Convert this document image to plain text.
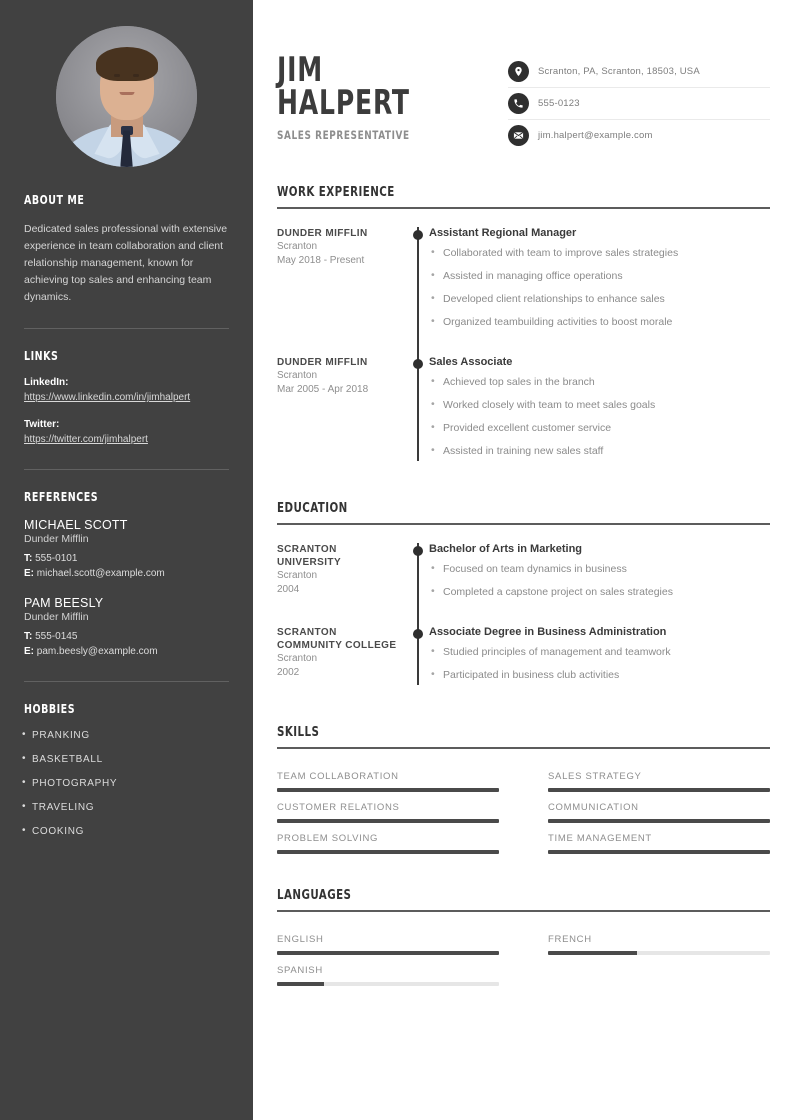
ABOUT ME
Dedicated sales professional with extensive experience in team collaboration and client relationship management, known for achieving top sales and enhancing team dynamics.
LINKS
LinkedIn:
https://www.linkedin.com/in/jimhalpert
Twitter:
https://twitter.com/jimhalpert
REFERENCES
MICHAEL SCOTT
Dunder Mifflin
T: 555-0101
E: michael.scott@example.com
PAM BEESLY
Dunder Mifflin
T: 555-0145
E: pam.beesly@example.com
HOBBIES
• PRANKING
• BASKETBALL
• PHOTOGRAPHY
• TRAVELING
• COOKING
JIM
HALPERT
SALES REPRESENTATIVE
Scranton, PA, Scranton, 18503, USA
555-0123
jim.halpert@example.com
WORK EXPERIENCE
DUNDER MIFFLIN
Scranton
May 2018 - Present
Assistant Regional Manager
• Collaborated with team to improve sales strategies
• Assisted in managing office operations
• Developed client relationships to enhance sales
• Organized teambuilding activities to boost morale
DUNDER MIFFLIN
Scranton
Mar 2005 - Apr 2018
Sales Associate
• Achieved top sales in the branch
• Worked closely with team to meet sales goals
• Provided excellent customer service
• Assisted in training new sales staff
EDUCATION
SCRANTON UNIVERSITY
Scranton
2004
Bachelor of Arts in Marketing
• Focused on team dynamics in business
• Completed a capstone project on sales strategies
SCRANTON COMMUNITY COLLEGE
Scranton
2002
Associate Degree in Business Administration
• Studied principles of management and teamwork
• Participated in business club activities
SKILLS
TEAM COLLABORATION	SALES STRATEGY
CUSTOMER RELATIONS	COMMUNICATION
PROBLEM SOLVING	TIME MANAGEMENT
LANGUAGES
ENGLISH	FRENCH
SPANISH
